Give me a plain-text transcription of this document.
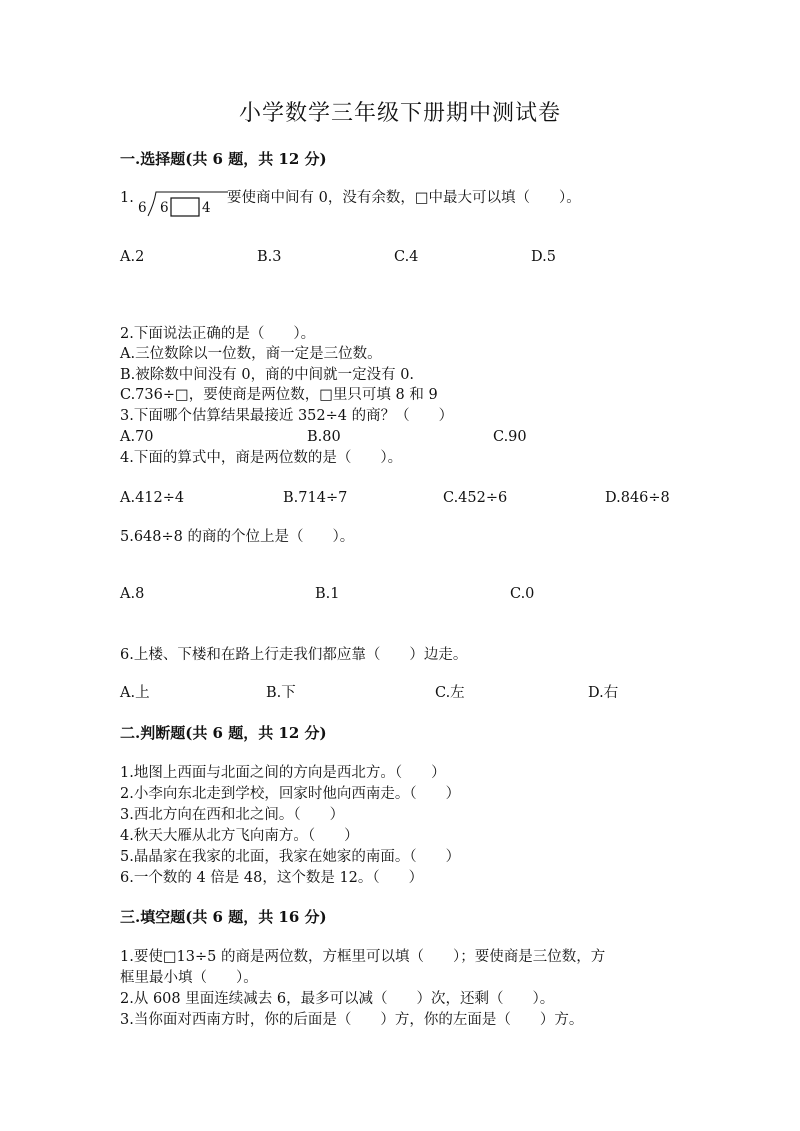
小学数学三年级下册期中测试卷
一.选择题(共 6 题，共 12 分)
1.
6 6 4
要使商中间有 0，没有余数，□中最大可以填（　　）。
A.2	B.3	C.4	D.5
2.下面说法正确的是（　　）。
A.三位数除以一位数，商一定是三位数。
B.被除数中间没有 0，商的中间就一定没有 0.
C.736÷□，要使商是两位数，□里只可填 8 和 9
3.下面哪个估算结果最接近 352÷4 的商？（　　）
A.70	B.80	C.90
4.下面的算式中，商是两位数的是（　　）。
A.412÷4	B.714÷7	C.452÷6	D.846÷8
5.648÷8 的商的个位上是（　　）。
A.8	B.1	C.0
6.上楼、下楼和在路上行走我们都应靠（　　）边走。
A.上	B.下	C.左	D.右
二.判断题(共 6 题，共 12 分)
1.地图上西面与北面之间的方向是西北方。（　　）
2.小李向东北走到学校，回家时他向西南走。（　　）
3.西北方向在西和北之间。（　　）
4.秋天大雁从北方飞向南方。（　　）
5.晶晶家在我家的北面，我家在她家的南面。（　　）
6.一个数的 4 倍是 48，这个数是 12。（　　）
三.填空题(共 6 题，共 16 分)
1.要使□13÷5 的商是两位数，方框里可以填（　　）；要使商是三位数，方
框里最小填（　　）。
2.从 608 里面连续减去 6，最多可以减（　　）次，还剩（　　）。
3.当你面对西南方时，你的后面是（　　）方，你的左面是（　　）方。
